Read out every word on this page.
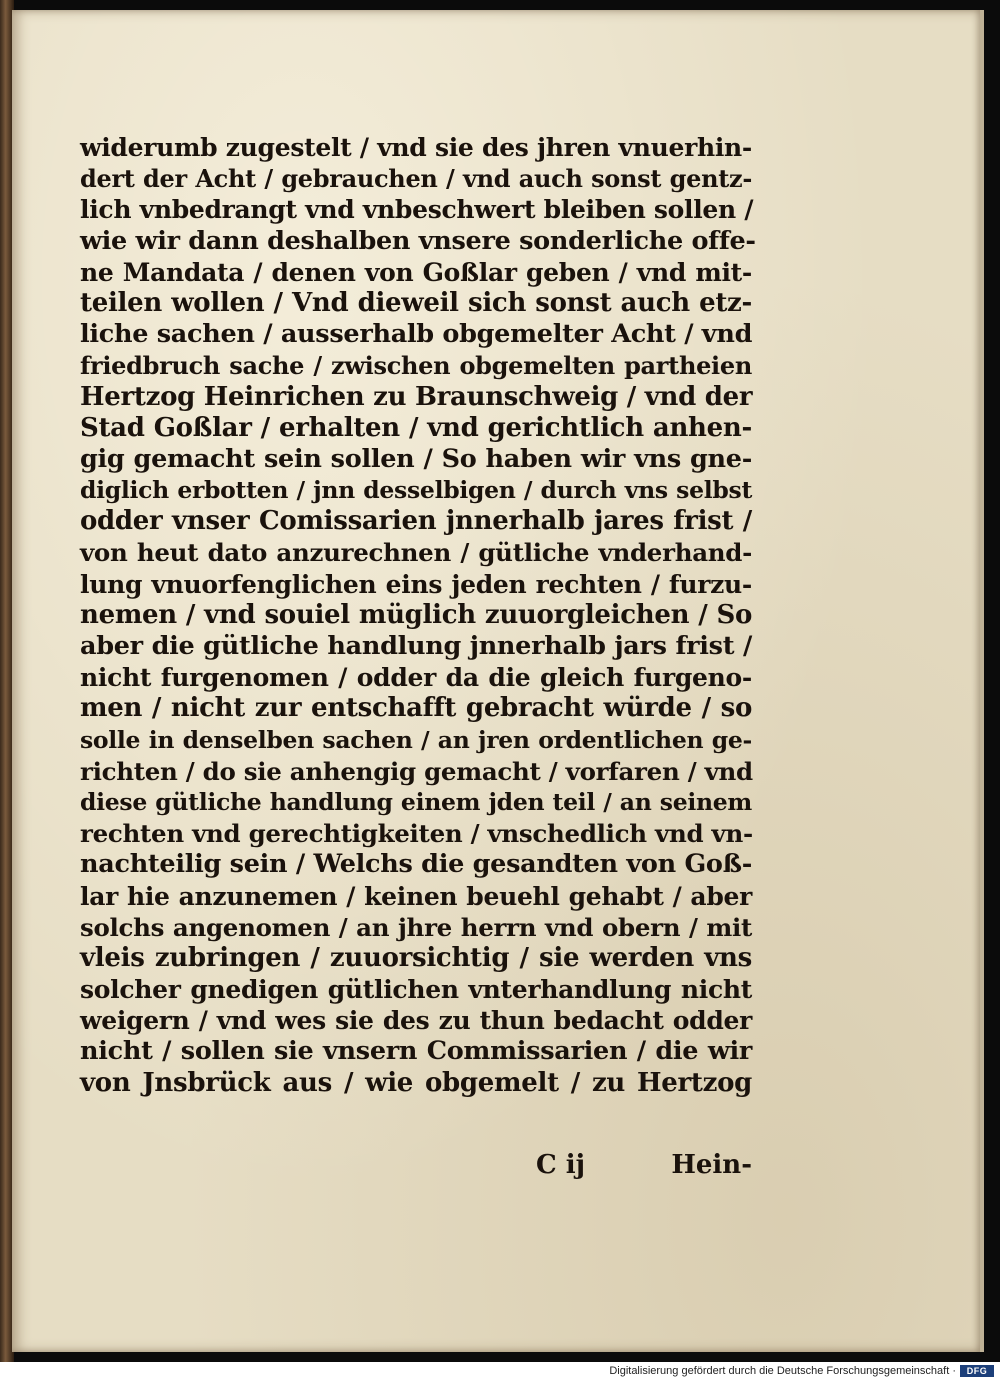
widerumb zugestelt / vnd sie des jhren vnuerhin-
dert der Acht / gebrauchen / vnd auch sonst gentz-
lich vnbedrangt vnd vnbeschwert bleiben sollen /
wie wir dann deshalben vnsere sonderliche offe-
ne Mandata / denen von Goßlar geben / vnd mit-
teilen wollen / Vnd dieweil sich sonst auch etz-
liche sachen / ausserhalb obgemelter Acht / vnd
friedbruch sache / zwischen obgemelten partheien
Hertzog Heinrichen zu Braunschweig / vnd der
Stad Goßlar / erhalten / vnd gerichtlich anhen-
gig gemacht sein sollen / So haben wir vns gne-
diglich erbotten / jnn desselbigen / durch vns selbst
odder vnser Comissarien jnnerhalb jares frist /
von heut dato anzurechnen / gütliche vnderhand-
lung vnuorfenglichen eins jeden rechten / furzu-
nemen / vnd souiel müglich zuuorgleichen / So
aber die gütliche handlung jnnerhalb jars frist /
nicht furgenomen / odder da die gleich furgeno-
men / nicht zur entschafft gebracht würde / so
solle in denselben sachen / an jren ordentlichen ge-
richten / do sie anhengig gemacht / vorfaren / vnd
diese gütliche handlung einem jden teil / an seinem
rechten vnd gerechtigkeiten / vnschedlich vnd vn-
nachteilig sein / Welchs die gesandten von Goß-
lar hie anzunemen / keinen beuehl gehabt / aber
solchs angenomen / an jhre herrn vnd obern / mit
vleis zubringen / zuuorsichtig / sie werden vns
solcher gnedigen gütlichen vnterhandlung nicht
weigern / vnd wes sie des zu thun bedacht odder
nicht / sollen sie vnsern Commissarien / die wir
von Jnsbrück aus / wie obgemelt / zu Hertzog
C ij	Hein-
Digitalisierung gefördert durch die Deutsche Forschungsgemeinschaft ·	DFG
